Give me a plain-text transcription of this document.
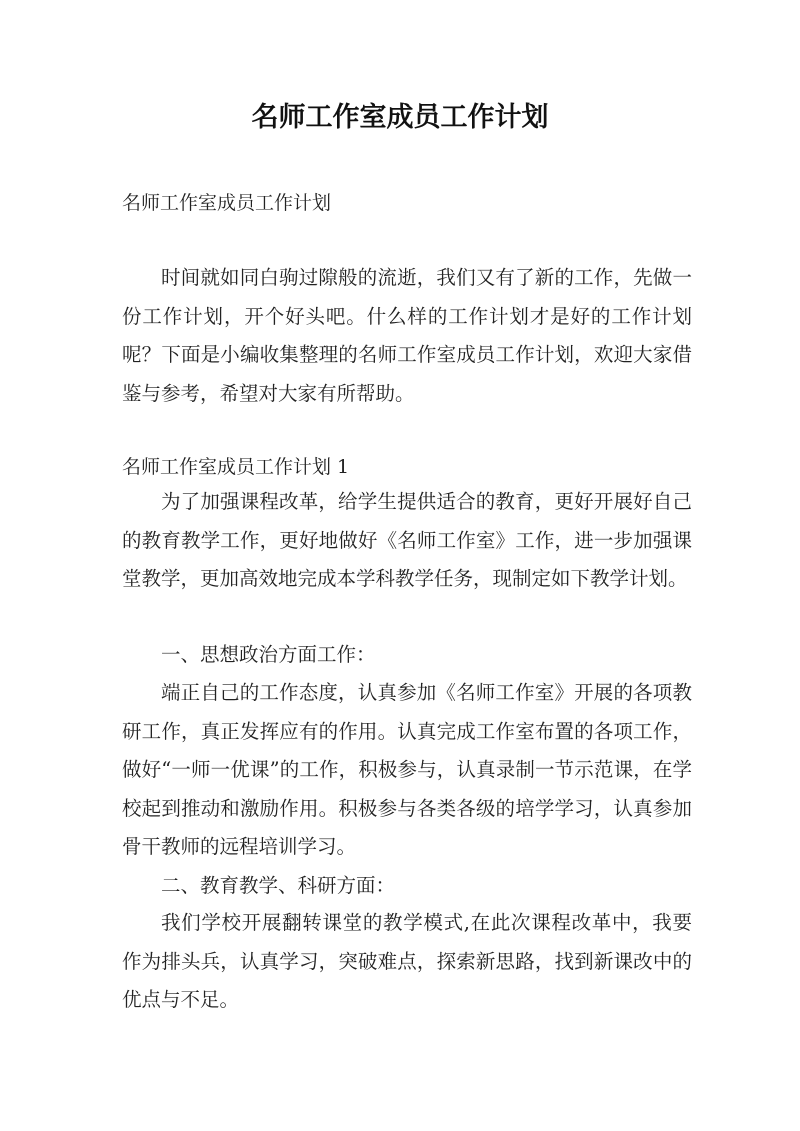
名师工作室成员工作计划

名师工作室成员工作计划

时间就如同白驹过隙般的流逝，我们又有了新的工作，先做一份工作计划，开个好头吧。什么样的工作计划才是好的工作计划呢？下面是小编收集整理的名师工作室成员工作计划，欢迎大家借鉴与参考，希望对大家有所帮助。

名师工作室成员工作计划 1

为了加强课程改革，给学生提供适合的教育，更好开展好自己的教育教学工作，更好地做好《名师工作室》工作，进一步加强课堂教学，更加高效地完成本学科教学任务，现制定如下教学计划。

一、思想政治方面工作：

端正自己的工作态度，认真参加《名师工作室》开展的各项教研工作，真正发挥应有的作用。认真完成工作室布置的各项工作，做好“一师一优课”的工作，积极参与，认真录制一节示范课，在学校起到推动和激励作用。积极参与各类各级的培学学习，认真参加骨干教师的远程培训学习。

二、教育教学、科研方面：

我们学校开展翻转课堂的教学模式,在此次课程改革中，我要作为排头兵，认真学习，突破难点，探索新思路，找到新课改中的优点与不足。
